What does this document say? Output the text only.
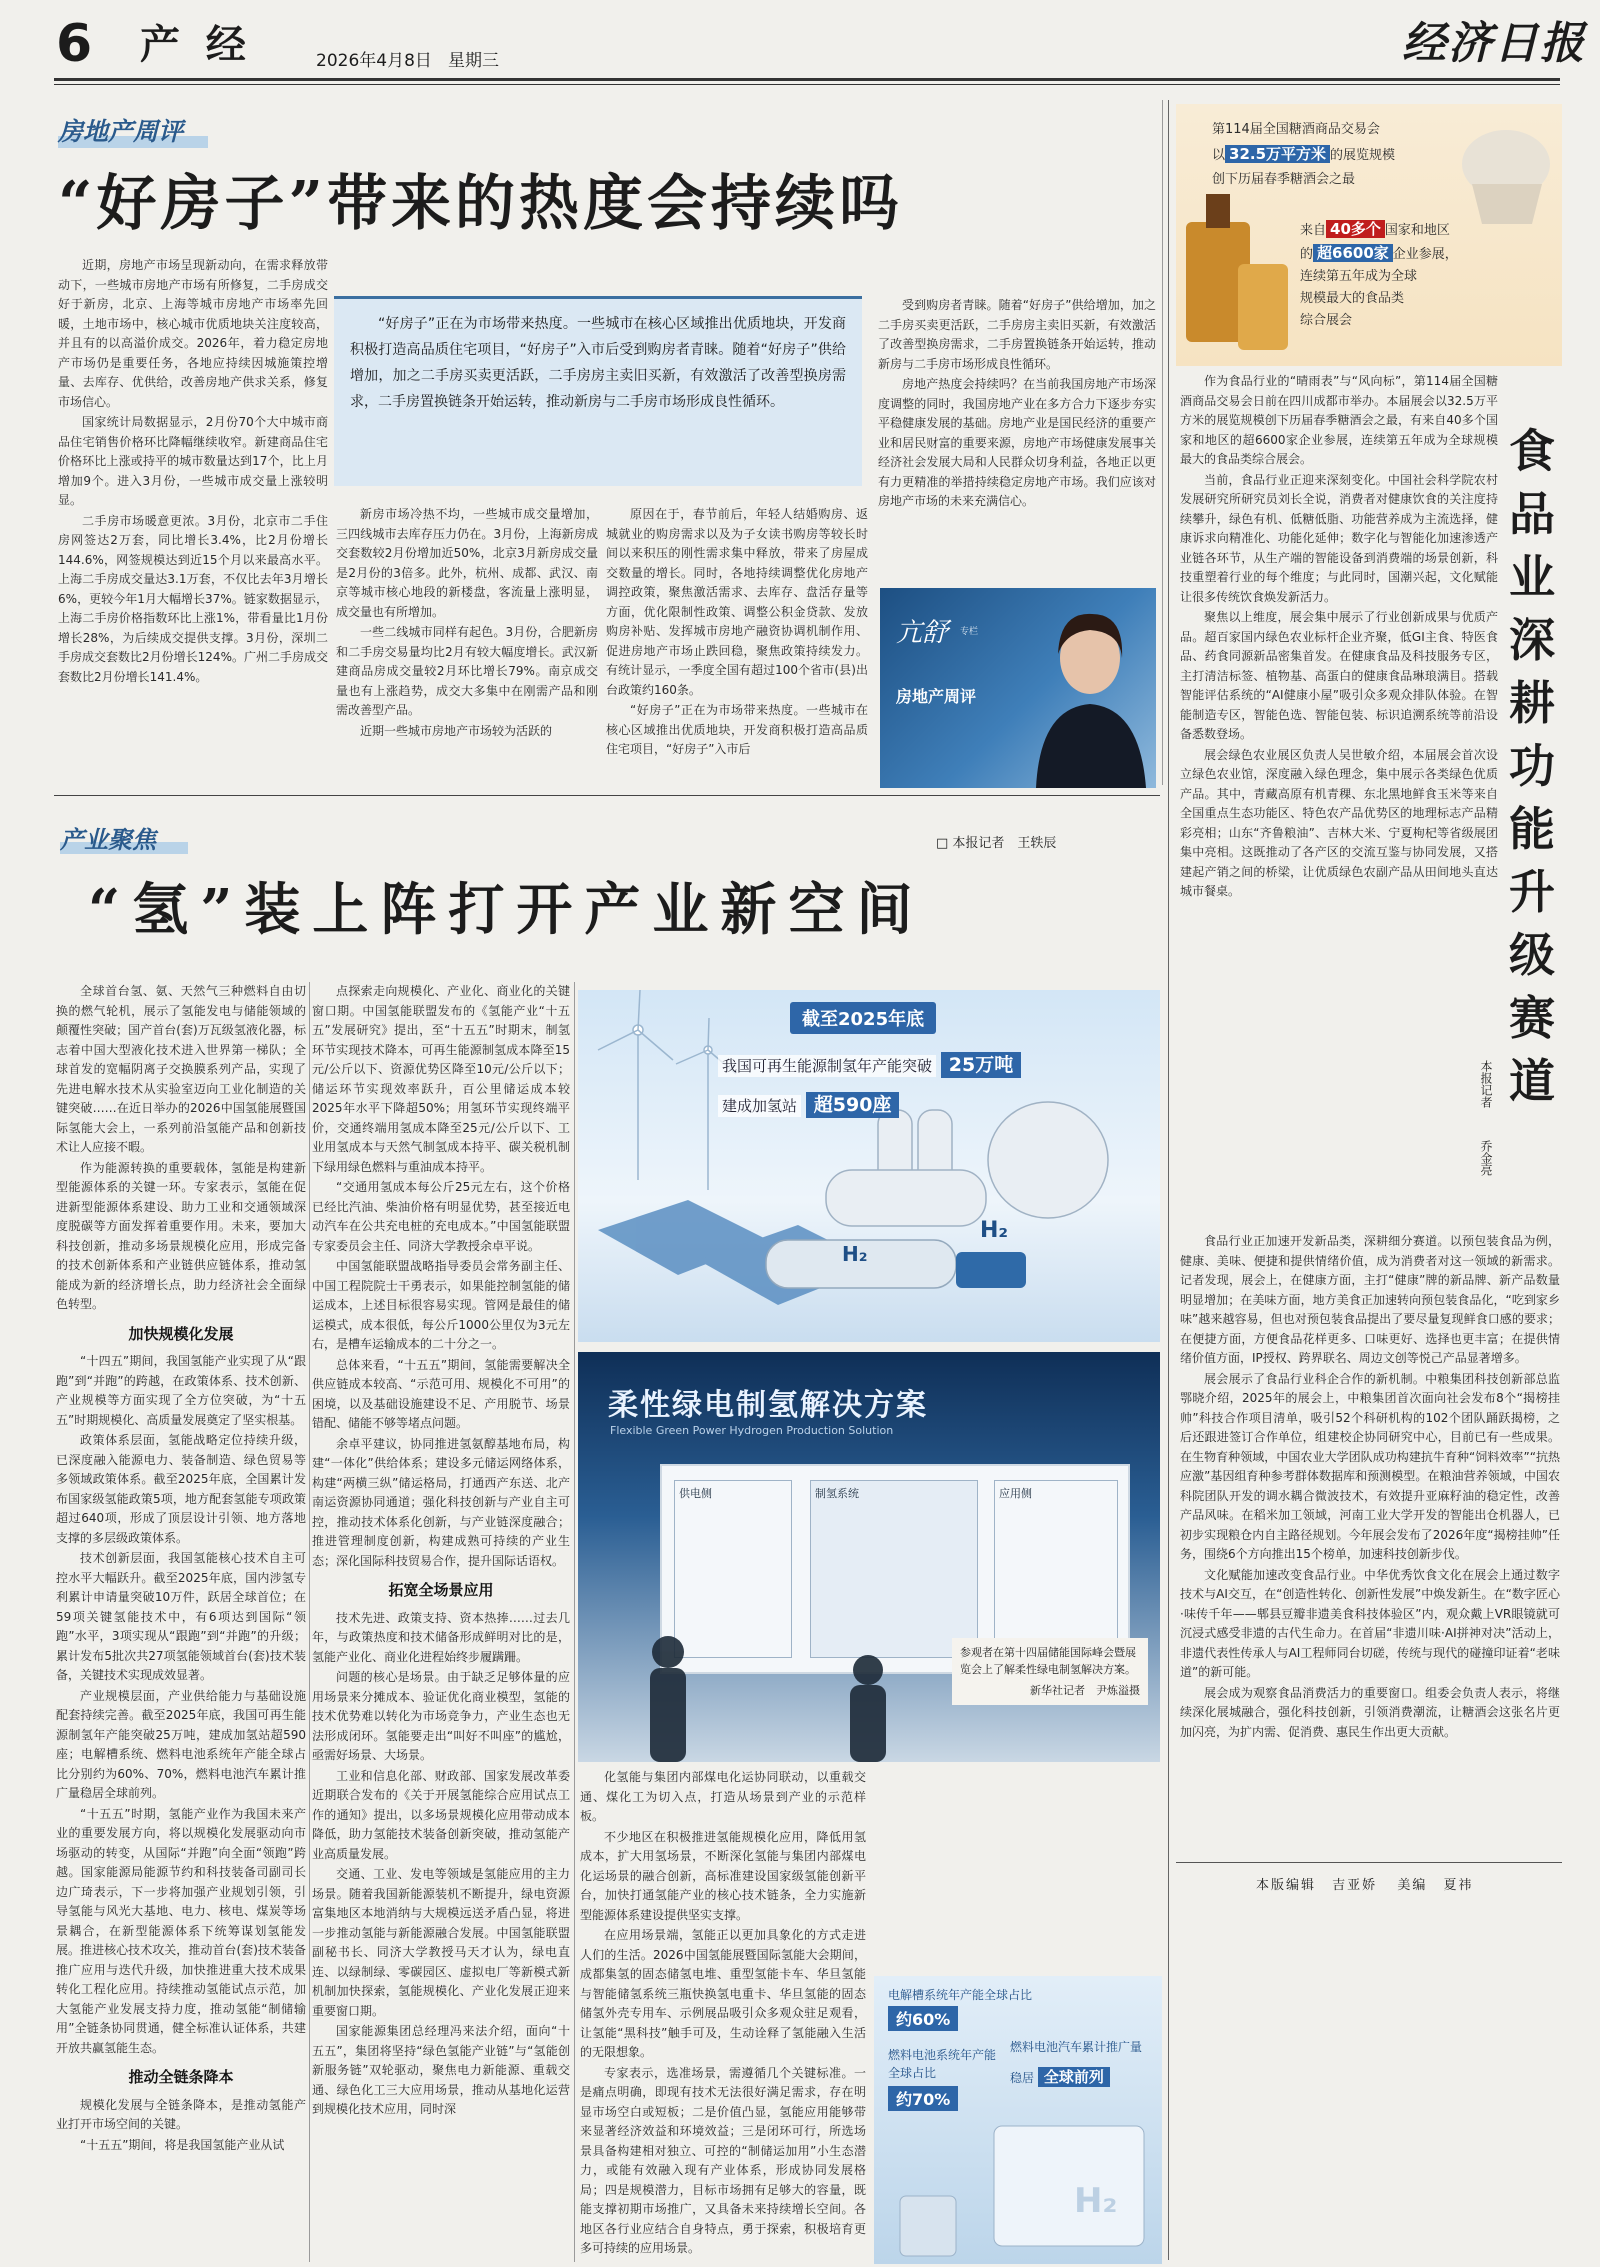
6 产 经	2026年4月8日 星期三	经济日报
房地产周评
“好房子”带来的热度会持续吗

近期，房地产市场呈现新动向，在需求释放带动下，一些城市房地产市场有所修复，二手房成交好于新房，北京、上海等城市房地产市场率先回暖，土地市场中，核心城市优质地块关注度较高，并且有的以高溢价成交。2026年，着力稳定房地产市场仍是重要任务，各地应持续因城施策控增量、去库存、优供给，改善房地产供求关系，修复市场信心。

国家统计局数据显示，2月份70个大中城市商品住宅销售价格环比降幅继续收窄。新建商品住宅价格环比上涨或持平的城市数量达到17个，比上月增加9个。进入3月份，一些城市成交量上涨较明显。

二手房市场暖意更浓。3月份，北京市二手住房网签达2万套，同比增长3.4%，比2月份增长144.6%，网签规模达到近15个月以来最高水平。上海二手房成交量达3.1万套，不仅比去年3月增长6%，更较今年1月大幅增长37%。链家数据显示，上海二手房价格指数环比上涨1%，带看量比1月份增长28%，为后续成交提供支撑。3月份，深圳二手房成交套数比2月份增长124%。广州二手房成交套数比2月份增长141.4%。

“好房子”正在为市场带来热度。一些城市在核心区域推出优质地块，开发商积极打造高品质住宅项目，“好房子”入市后受到购房者青睐。随着“好房子”供给增加，加之二手房买卖更活跃，二手房房主卖旧买新，有效激活了改善型换房需求，二手房置换链条开始运转，推动新房与二手房市场形成良性循环。

新房市场冷热不均，一些城市成交量增加，三四线城市去库存压力仍在。3月份，上海新房成交套数较2月份增加近50%，北京3月新房成交量是2月份的3倍多。此外，杭州、成都、武汉、南京等城市核心地段的新楼盘，客流量上涨明显，成交量也有所增加。

一些二线城市同样有起色。3月份，合肥新房和二手房交易量均比2月有较大幅度增长。武汉新建商品房成交量较2月环比增长79%。南京成交量也有上涨趋势，成交大多集中在刚需产品和刚需改善型产品。

近期一些城市房地产市场较为活跃的

原因在于，春节前后，年轻人结婚购房、返城就业的购房需求以及为子女读书购房等较长时间以来积压的刚性需求集中释放，带来了房屋成交数量的增长。同时，各地持续调整优化房地产调控政策，聚焦激活需求、去库存、盘活存量等方面，优化限制性政策、调整公积金贷款、发放购房补贴、发挥城市房地产融资协调机制作用、促进房地产市场止跌回稳，聚焦政策持续发力。有统计显示，一季度全国有超过100个省市(县)出台政策约160条。

“好房子”正在为市场带来热度。一些城市在核心区域推出优质地块，开发商积极打造高品质住宅项目，“好房子”入市后

受到购房者青睐。随着“好房子”供给增加，加之二手房买卖更活跃，二手房房主卖旧买新，有效激活了改善型换房需求，二手房置换链条开始运转，推动新房与二手房市场形成良性循环。

房地产热度会持续吗？在当前我国房地产市场深度调整的同时，我国房地产业在多方合力下逐步夯实平稳健康发展的基础。房地产业是国民经济的重要产业和居民财富的重要来源，房地产市场健康发展事关经济社会发展大局和人民群众切身利益，各地正以更有力更精准的举措持续稳定房地产市场。我们应该对房地产市场的未来充满信心。

亢舒 专栏
房地产周评
产业聚焦	□ 本报记者　王轶辰
“氢”装上阵打开产业新空间

全球首台氢、氨、天然气三种燃料自由切换的燃气轮机，展示了氢能发电与储能领域的颠覆性突破；国产首台(套)万瓦级氢液化器，标志着中国大型液化技术进入世界第一梯队；全球首发的宽幅阴离子交换膜系列产品，实现了先进电解水技术从实验室迈向工业化制造的关键突破……在近日举办的2026中国氢能展暨国际氢能大会上，一系列前沿氢能产品和创新技术让人应接不暇。

作为能源转换的重要载体，氢能是构建新型能源体系的关键一环。专家表示，氢能在促进新型能源体系建设、助力工业和交通领域深度脱碳等方面发挥着重要作用。未来，要加大科技创新，推动多场景规模化应用，形成完备的技术创新体系和产业链供应链体系，推动氢能成为新的经济增长点，助力经济社会全面绿色转型。

加快规模化发展

“十四五”期间，我国氢能产业实现了从“跟跑”到“并跑”的跨越，在政策体系、技术创新、产业规模等方面实现了全方位突破，为“十五五”时期规模化、高质量发展奠定了坚实根基。

政策体系层面，氢能战略定位持续升级，已深度融入能源电力、装备制造、绿色贸易等多领域政策体系。截至2025年底，全国累计发布国家级氢能政策5项，地方配套氢能专项政策超过640项，形成了顶层设计引领、地方落地支撑的多层级政策体系。

技术创新层面，我国氢能核心技术自主可控水平大幅跃升。截至2025年底，国内涉氢专利累计申请量突破10万件，跃居全球首位；在59项关键氢能技术中，有6项达到国际“领跑”水平，3项实现从“跟跑”到“并跑”的升级；累计发布5批次共27项氢能领域首台(套)技术装备，关键技术实现成效显著。

产业规模层面，产业供给能力与基础设施配套持续完善。截至2025年底，我国可再生能源制氢年产能突破25万吨，建成加氢站超590座；电解槽系统、燃料电池系统年产能全球占比分别约为60%、70%，燃料电池汽车累计推广量稳居全球前列。

“十五五”时期，氢能产业作为我国未来产业的重要发展方向，将以规模化发展驱动向市场驱动的转变，从国际“并跑”向全面“领跑”跨越。国家能源局能源节约和科技装备司副司长边广琦表示，下一步将加强产业规划引领，引导氢能与风光大基地、电力、核电、煤炭等场景耦合，在新型能源体系下统筹谋划氢能发展。推进核心技术攻关，推动首台(套)技术装备推广应用与迭代升级，加快推进重大技术成果转化工程化应用。持续推动氢能试点示范，加大氢能产业发展支持力度，推动氢能“制储输用”全链条协同贯通，健全标准认证体系，共建开放共赢氢能生态。

推动全链条降本

规模化发展与全链条降本，是推动氢能产业打开市场空间的关键。

“十五五”期间，将是我国氢能产业从试

点探索走向规模化、产业化、商业化的关键窗口期。中国氢能联盟发布的《氢能产业“十五五”发展研究》提出，至“十五五”时期末，制氢环节实现技术降本，可再生能源制氢成本降至15元/公斤以下、资源优势区降至10元/公斤以下；储运环节实现效率跃升，百公里储运成本较2025年水平下降超50%；用氢环节实现终端平价，交通终端用氢成本降至25元/公斤以下、工业用氢成本与天然气制氢成本持平、碳关税机制下绿用绿色燃料与重油成本持平。

“交通用氢成本每公斤25元左右，这个价格已经比汽油、柴油价格有明显优势，甚至接近电动汽车在公共充电桩的充电成本。”中国氢能联盟专家委员会主任、同济大学教授余卓平说。

中国氢能联盟战略指导委员会常务副主任、中国工程院院士干勇表示，如果能控制氢能的储运成本，上述目标很容易实现。管网是最佳的储运模式，成本很低，每公斤1000公里仅为3元左右，是槽车运输成本的二十分之一。

总体来看，“十五五”期间，氢能需要解决全供应链成本较高、“示范可用、规模化不可用”的困境，以及基础设施建设不足、产用脱节、场景错配、储能不够等堵点问题。

余卓平建议，协同推进氢氨醇基地布局，构建“一体化”供给体系；建设多元储运网络体系，构建“两横三纵”储运格局，打通西产东送、北产南运资源协同通道；强化科技创新与产业自主可控，推动技术体系化创新，与产业链深度融合；推进管理制度创新，构建成熟可持续的产业生态；深化国际科技贸易合作，提升国际话语权。

拓宽全场景应用

技术先进、政策支持、资本热捧……过去几年，与政策热度和技术储备形成鲜明对比的是，氢能产业化、商业化进程始终步履蹒跚。

问题的核心是场景。由于缺乏足够体量的应用场景来分摊成本、验证优化商业模型，氢能的技术优势难以转化为市场竞争力，产业生态也无法形成闭环。氢能要走出“叫好不叫座”的尴尬，亟需好场景、大场景。

工业和信息化部、财政部、国家发展改革委近期联合发布的《关于开展氢能综合应用试点工作的通知》提出，以多场景规模化应用带动成本降低，助力氢能技术装备创新突破，推动氢能产业高质量发展。

交通、工业、发电等领域是氢能应用的主力场景。随着我国新能源装机不断提升，绿电资源富集地区本地消纳与大规模远送矛盾凸显，将进一步推动氢能与新能源融合发展。中国氢能联盟副秘书长、同济大学教授马天才认为，绿电直连、以绿制绿、零碳园区、虚拟电厂等新模式新机制加快探索，氢能规模化、产业化发展正迎来重要窗口期。

国家能源集团总经理冯来法介绍，面向“十五五”，集团将坚持“绿色氢能产业链”与“氢能创新服务链”双轮驱动，聚焦电力新能源、重载交通、绿色化工三大应用场景，推动从基地化运营到规模化技术应用，同时深

截至2025年底
我国可再生能源制氢年产能突破 25万吨
建成加氢站 超590座
H₂
H₂
柔性绿电制氢解决方案
Flexible Green Power Hydrogen Production Solution
供电侧	制氢系统	应用侧
参观者在第十四届储能国际峰会暨展览会上了解柔性绿电制氢解决方案。
新华社记者　尹炼溢摄

化氢能与集团内部煤电化运协同联动，以重载交通、煤化工为切入点，打造从场景到产业的示范样板。

不少地区在积极推进氢能规模化应用，降低用氢成本，扩大用氢场景，不断深化氢能与集团内部煤电化运场景的融合创新，高标准建设国家级氢能创新平台，加快打通氢能产业的核心技术链条，全力实施新型能源体系建设提供坚实支撑。

在应用场景端，氢能正以更加具象化的方式走进人们的生活。2026中国氢能展暨国际氢能大会期间，成都集氢的固态储氢电堆、重型氢能卡车、华旦氢能与智能储氢系统三瓶快换氢电重卡、华旦氢能的固态储氢外壳专用车、示例展品吸引众多观众驻足观看，让氢能“黑科技”触手可及，生动诠释了氢能融入生活的无限想象。

专家表示，选准场景，需遵循几个关键标准。一是痛点明确，即现有技术无法很好满足需求，存在明显市场空白或短板；二是价值凸显，氢能应用能够带来显著经济效益和环境效益；三是闭环可行，所选场景具备构建相对独立、可控的“制储运加用”小生态潜力，或能有效融入现有产业体系，形成协同发展格局；四是规模潜力，目标市场拥有足够大的容量，既能支撑初期市场推广，又具备未来持续增长空间。各地区各行业应结合自身特点，勇于探索，积极培育更多可持续的应用场景。

H₂
电解槽系统年产能全球占比
约60%
燃料电池系统年产能全球占比
约70%
燃料电池汽车累计推广量
稳居 全球前列
第114届全国糖酒商品交易会
以 32.5万平方米 的展览规模
创下历届春季糖酒会之最
来自 40多个 国家和地区
的 超6600家 企业参展，
连续第五年成为全球
规模最大的食品类
综合展会

作为食品行业的“晴雨表”与“风向标”，第114届全国糖酒商品交易会日前在四川成都市举办。本届展会以32.5万平方米的展览规模创下历届春季糖酒会之最，有来自40多个国家和地区的超6600家企业参展，连续第五年成为全球规模最大的食品类综合展会。

当前，食品行业正迎来深刻变化。中国社会科学院农村发展研究所研究员刘长全说，消费者对健康饮食的关注度持续攀升，绿色有机、低糖低脂、功能营养成为主流选择，健康诉求向精准化、功能化延伸；数字化与智能化加速渗透产业链各环节，从生产端的智能设备到消费端的场景创新，科技重塑着行业的每个维度；与此同时，国潮兴起，文化赋能让很多传统饮食焕发新活力。

聚焦以上维度，展会集中展示了行业创新成果与优质产品。超百家国内绿色农业标杆企业齐聚，低GI主食、特医食品、药食同源新品密集首发。在健康食品及科技服务专区，主打清洁标签、植物基、高蛋白的健康食品琳琅满目。搭载智能评估系统的“AI健康小屋”吸引众多观众排队体验。在智能制造专区，智能色选、智能包装、标识追溯系统等前沿设备悉数登场。

展会绿色农业展区负责人吴世敏介绍，本届展会首次设立绿色农业馆，深度融入绿色理念，集中展示各类绿色优质产品。其中，青藏高原有机青稞、东北黑地鲜食玉米等来自全国重点生态功能区、特色农产品优势区的地理标志产品精彩亮相；山东“齐鲁粮油”、吉林大米、宁夏枸杞等省级展团集中亮相。这既推动了各产区的交流互鉴与协同发展，又搭建起产销之间的桥梁，让优质绿色农副产品从田间地头直达城市餐桌。

食
品
业
深
耕
功
能
升
级
赛
道
本报记者
乔金亮

食品行业正加速开发新品类，深耕细分赛道。以预包装食品为例，健康、美味、便捷和提供情绪价值，成为消费者对这一领域的新需求。记者发现，展会上，在健康方面，主打“健康”牌的新品牌、新产品数量明显增加；在美味方面，地方美食正加速转向预包装食品化，“吃到家乡味”越来越容易，但也对预包装食品提出了要尽量复现鲜食口感的要求；在便捷方面，方便食品花样更多、口味更好、选择也更丰富；在提供情绪价值方面，IP授权、跨界联名、周边文创等悦己产品显著增多。

展会展示了食品行业科企合作的新机制。中粮集团科技创新部总监鄂晓介绍，2025年的展会上，中粮集团首次面向社会发布8个“揭榜挂帅”科技合作项目清单，吸引52个科研机构的102个团队踊跃揭榜，之后还跟进签订合作单位，组建校企协同研究中心，目前已有一些成果。在生物育种领域，中国农业大学团队成功构建抗牛育种“饲料效率”“抗热应激”基因组育种参考群体数据库和预测模型。在粮油营养领域，中国农科院团队开发的调水耦合微波技术，有效提升亚麻籽油的稳定性，改善产品风味。在稻米加工领域，河南工业大学开发的智能出仓机器人，已初步实现粮仓内自主路径规划。今年展会发布了2026年度“揭榜挂帅”任务，围绕6个方向推出15个榜单，加速科技创新步伐。

文化赋能加速改变食品行业。中华优秀饮食文化在展会上通过数字技术与AI交互，在“创造性转化、创新性发展”中焕发新生。在“数字匠心·味传千年——郫县豆瓣非遗美食科技体验区”内，观众戴上VR眼镜就可沉浸式感受非遗的古代生命力。在首届“非遗川味·AI拼神对决”活动上，非遗代表性传承人与AI工程师同台切磋，传统与现代的碰撞印证着“老味道”的新可能。

展会成为观察食品消费活力的重要窗口。组委会负责人表示，将继续深化展城融合，强化科技创新，引领消费潮流，让糖酒会这张名片更加闪亮，为扩内需、促消费、惠民生作出更大贡献。

本版编辑 吉亚娇 美编 夏祎
